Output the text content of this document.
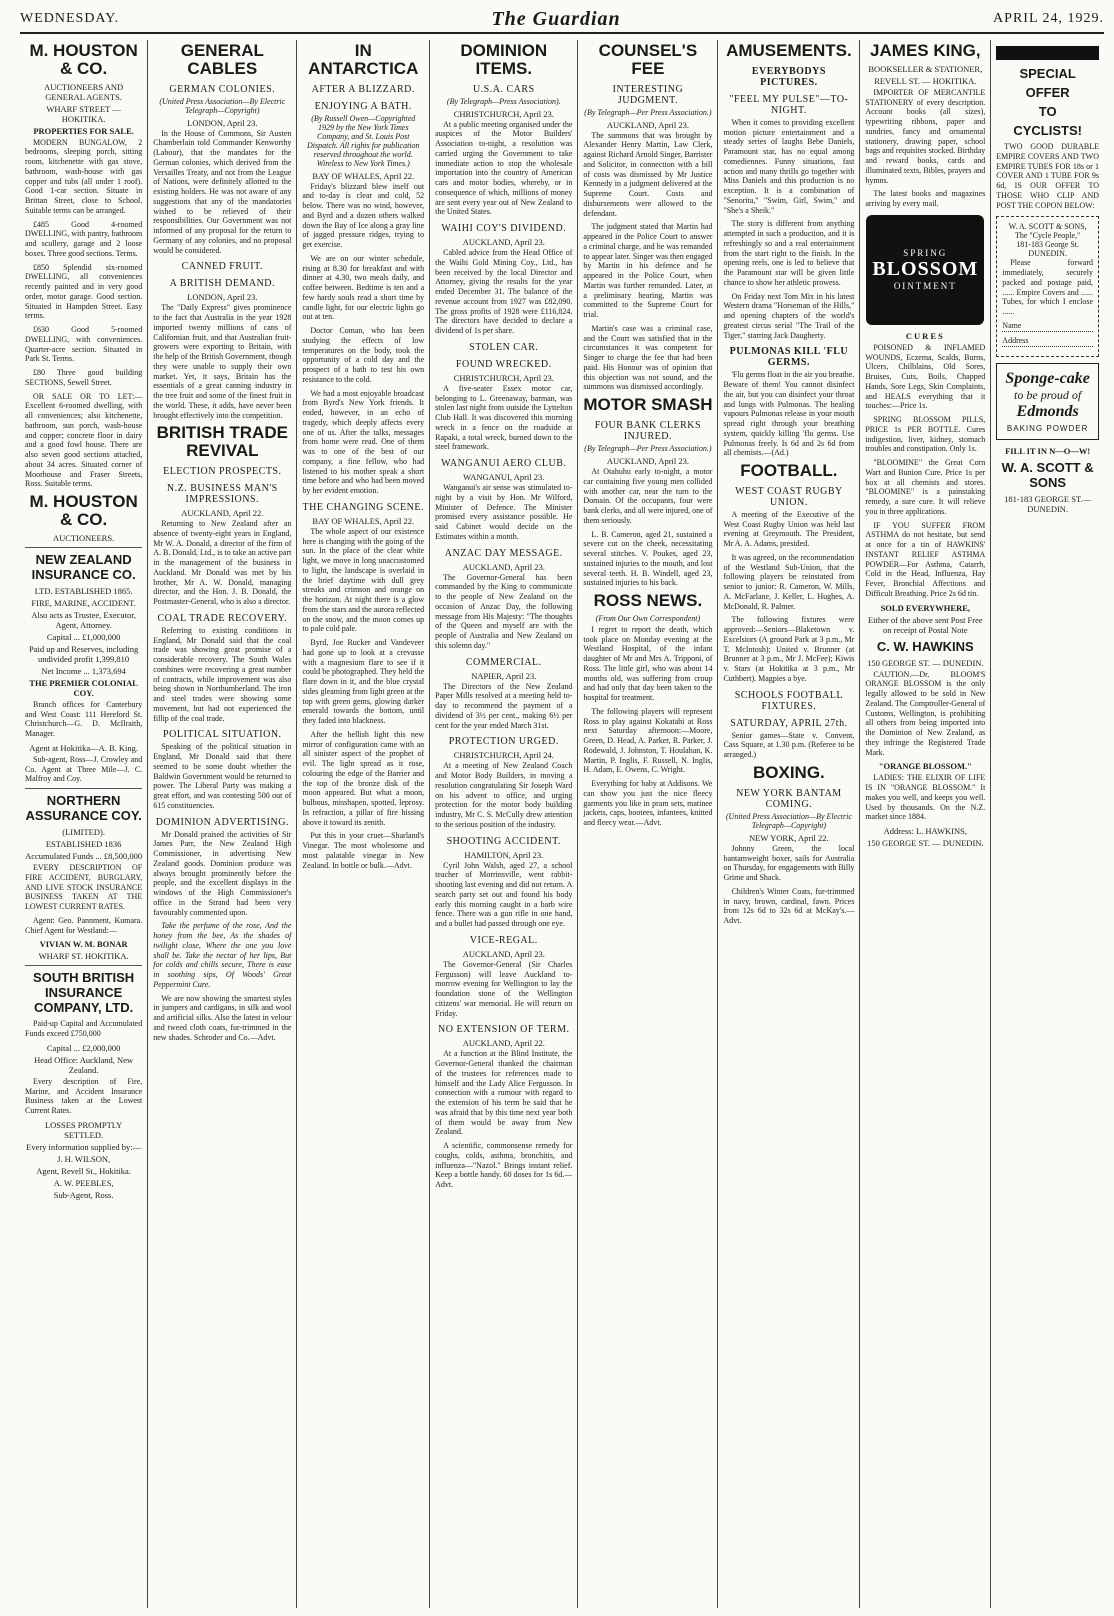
WEDNESDAY.	The Guardian	APRIL 24, 1929.
M. HOUSTON & CO.
AUCTIONEERS AND GENERAL AGENTS.
WHARF STREET — HOKITIKA.
PROPERTIES FOR SALE.

MODERN BUNGALOW, 2 bedrooms, sleeping porch, sitting room, kitchenette with gas stove, bathroom, wash-house with gas copper and tubs (all under 1 roof). Good 1-car section. Situate in Brittan Street, close to School. Suitable terms can be arranged.

£485 Good 4-roomed DWELLING, with pantry, bathroom and scullery, garage and 2 loose boxes. Three good sections. Terms.

£850 Splendid six-roomed DWELLING, all conveniences recently painted and in very good order, motor garage. Good section. Situated in Hampden Street. Easy terms.

£630 Good 5-roomed DWELLING, with conveniences. Quarter-acre section. Situated in Park St. Terms.

£80 Three good building SECTIONS, Sewell Street.

OR SALE OR TO LET:—Excellent 6-roomed dwelling, with all conveniences; also kitchenette, bathroom, sun porch, wash-house and copper; concrete floor in dairy and a good fowl house. There are also seven good sections attached, about 34 acres. Situated corner of Moorhouse and Fraser Streets, Ross. Suitable terms.

M. HOUSTON & CO.
AUCTIONEERS.
NEW ZEALAND INSURANCE CO.
LTD. ESTABLISHED 1865.
FIRE, MARINE, ACCIDENT.
Also acts as Trustee, Executor, Agent, Attorney.
Capital ... £1,000,000
Paid up and Reserves, including undivided profit 1,399,810
Net Income ... 1,373,694
THE PREMIER COLONIAL COY.

Branch offices for Canterbury and West Coast: 111 Hereford St. Christchurch—G. D. McIlraith, Manager.

Agent at Hokitika—A. B. King.

Sub-agent, Ross—J. Crowley and Co. Agent at Three Mile—J. C. Malfroy and Coy.

NORTHERN ASSURANCE COY.
(LIMITED).
ESTABLISHED 1836
Accumulated Funds ... £8,500,000

EVERY DESCRIPTION OF FIRE ACCIDENT, BURGLARY, AND LIVE STOCK INSURANCE BUSINESS TAKEN AT THE LOWEST CURRENT RATES.

Agent: Geo. Pannment, Kumara. Chief Agent for Westland:—

VIVIAN W. M. BONAR
WHARF ST. HOKITIKA.
SOUTH BRITISH INSURANCE COMPANY, LTD.

Paid-up Capital and Accumulated Funds exceed £750,000

Capital ... £2,000,000
Head Office: Auckland, New Zealand.

Every description of Fire, Marine, and Accident Insurance Business taken at the Lowest Current Rates.

LOSSES PROMPTLY SETTLED.
Every information supplied by:—
J. H. WILSON,
Agent, Revell St., Hokitika.
A. W. PEEBLES,
Sub-Agent, Ross.
GENERAL CABLES
GERMAN COLONIES.
(United Press Association—By Electric Telegraph—Copyright)
LONDON, April 23.

In the House of Commons, Sir Austen Chamberlain told Commander Kenworthy (Labour), that the mandates for the German colonies, which derived from the Versailles Treaty, and not from the League of Nations, were definitely allotted to the existing holders. He was not aware of any suggestions that any of the mandatories wished to be relieved of their responsibilities. Our Government was not informed of any proposal for the return to Germany of any colonies, and no proposal would be considered.

CANNED FRUIT.
A BRITISH DEMAND.
LONDON, April 23.

The "Daily Express" gives prominence to the fact that Australia in the year 1928 imported twenty millions of cans of Californian fruit, and that Australian fruit-growers were exporting to Britain, with the help of the British Government, though they were unable to supply their own market. Yet, it says, Britain has the essentials of a great canning industry in the tree fruit and some of the finest fruit in the world. These, it adds, have never been brought effectively into the competition.

BRITISH TRADE REVIVAL
ELECTION PROSPECTS.
N.Z. BUSINESS MAN'S IMPRESSIONS.
AUCKLAND, April 22.

Returning to New Zealand after an absence of twenty-eight years in England, Mr W. A. Donald, a director of the firm of A. B. Donald, Ltd., is to take an active part in the management of the business in Auckland. Mr Donald was met by his brother, Mr A. W. Donald, managing director, and the Hon. J. B. Donald, the Postmaster-General, who is also a director.

COAL TRADE RECOVERY.

Referring to existing conditions in England, Mr Donald said that the coal trade was showing great promise of a considerable recovery. The South Wales combines were recovering a great number of contracts, while improvement was also being shown in Northumberland. The iron and steel trades were showing some movement, but had not experienced the fillip of the coal trade.

POLITICAL SITUATION.

Speaking of the political situation in England, Mr Donald said that there seemed to be some doubt whether the Baldwin Government would be returned to power. The Liberal Party was making a great effort, and was contesting 500 out of 615 constituencies.

DOMINION ADVERTISING.

Mr Donald praised the activities of Sir James Parr, the New Zealand High Commissioner, in advertising New Zealand goods. Dominion produce was always brought prominently before the people, and the excellent displays in the windows of the High Commissioner's office in the Strand had been very favourably commented upon.

Take the perfume of the rose, And the honey from the bee, As the shades of twilight close, Where the one you love shall be. Take the nectar of her lips, But for colds and chills secure, There is ease in soothing sips, Of Woods' Great Peppermint Cure.

We are now showing the smartest styles in jumpers and cardigans, in silk and wool and artificial silks. Also the latest in velour and tweed cloth coats, fur-trimmed in the new shades. Schroder and Co.—Advt.

IN ANTARCTICA
AFTER A BLIZZARD.
ENJOYING A BATH.
(By Russell Owen—Copyrighted 1929 by the New York Times Company, and St. Louis Post Dispatch. All rights for publication reserved throughout the world. Wireless to New York Times.)
BAY OF WHALES, April 22.

Friday's blizzard blew itself out and to-day is clear and cold, 52 below. There was no wind, however, and Byrd and a dozen others walked down the Bay of Ice along a gray line of jagged pressure ridges, trying to get exercise.

We are on our winter schedule, rising at 8.30 for breakfast and with dinner at 4.30, two meals daily, and coffee between. Bedtime is ten and a few hardy souls read a short time by candle light, for our electric lights go out at ten.

Doctor Coman, who has been studying the effects of low temperatures on the body, took the opportunity of a cold day and the prospect of a bath to test his own resistance to the cold.

We had a most enjoyable broadcast from Byrd's New York friends. It ended, however, in an echo of tragedy, which deeply affects every one of us. After the talks, messages from home were read. One of them was to one of the best of our company, a fine fellow, who had listened to his mother speak a short time before and who had been moved by her evident emotion.

THE CHANGING SCENE.
BAY OF WHALES, April 22.

The whole aspect of our existence here is changing with the going of the sun. In the place of the clear white light, we move in long unaccustomed to light, the landscape is overlaid in the brief daytime with dull grey streaks and crimson and orange on the horizon. At night there is a glow from the stars and the aurora reflected on the snow, and the moon comes up to pale cold pale.

Byrd, Joe Rucker and Vandeveer had gone up to look at a crevasse with a magnesium flare to see if it could be photographed. They held the flare down in it, and the blue crystal sides gleaming from light green at the top with green gems, glowing darker emerald towards the bottom, until they faded into blackness.

After the hellish light this new mirror of configuration came with an all sinister aspect of the prophet of evil. The light spread as it rose, colouring the edge of the Barrier and the top of the bronze disk of the moon appeared. But what a moon, bulbous, misshapen, spotted, leprosy. In refraction, a pillar of fire hissing above it toward its zenith.

Put this in your cruet—Sharland's Vinegar. The most wholesome and most palatable vinegar in New Zealand. In bottle or bulk.—Advt.

DOMINION ITEMS.
U.S.A. CARS
(By Telegraph—Press Association).
CHRISTCHURCH, April 23.

At a public meeting organised under the auspices of the Motor Builders' Association to-night, a resolution was carried urging the Government to take immediate action to stop the wholesale importation into the country of American cars and motor bodies, whereby, or in consequence of which, millions of money are sent every year out of New Zealand to the United States.

WAIHI COY'S DIVIDEND.
AUCKLAND, April 23.

Cabled advice from the Head Office of the Waihi Gold Mining Coy., Ltd., has been received by the local Director and Attorney, giving the results for the year ended December 31. The balance of the revenue account from 1927 was £82,090. The gross profits of 1928 were £116,824. The directors have decided to declare a dividend of 1s per share.

STOLEN CAR.
FOUND WRECKED.
CHRISTCHURCH, April 23.

A five-seater Essex motor car, belonging to L. Greenaway, barman, was stolen last night from outside the Lyttelton Club Hall. It was discovered this morning wreck in a fence on the roadside at Rapaki, a total wreck, burned down to the steel framework.

WANGANUI AERO CLUB.
WANGANUI, April 23.

Wanganui's air sense was stimulated to-night by a visit by Hon. Mr Wilford, Minister of Defence. The Minister promised every assistance possible. He said Cabinet would decide on the Estimates within a month.

ANZAC DAY MESSAGE.
AUCKLAND, April 23.

The Governor-General has been commanded by the King to communicate to the people of New Zealand on the occasion of Anzac Day, the following message from His Majesty: "The thoughts of the Queen and myself are with the people of Australia and New Zealand on this solemn day."

COMMERCIAL.
NAPIER, April 23.

The Directors of the New Zealand Paper Mills resolved at a meeting held to-day to recommend the payment of a dividend of 3½ per cent., making 6½ per cent for the year ended March 31st.

PROTECTION URGED.
CHRISTCHURCH, April 24.

At a meeting of New Zealand Coach and Motor Body Builders, in moving a resolution congratulating Sir Joseph Ward on his advent to office, and urging protection for the motor body building industry, Mr C. S. McCully drew attention to the serious position of the industry.

SHOOTING ACCIDENT.
HAMILTON, April 23.

Cyril John Walsh, aged 27, a school teacher of Morrinsville, went rabbit-shooting last evening and did not return. A search party set out and found his body early this morning caught in a barb wire fence. There was a gun rifle in one hand, and a bullet had passed through one eye.

VICE-REGAL.
AUCKLAND, April 23.

The Governor-General (Sir Charles Fergusson) will leave Auckland to-morrow evening for Wellington to lay the foundation stone of the Wellington citizens' war memorial. He will return on Friday.

NO EXTENSION OF TERM.
AUCKLAND, April 22.

At a function at the Blind Institute, the Governor-General thanked the chairman of the trustees for references made to himself and the Lady Alice Fergusson. In connection with a rumour with regard to the extension of his term he said that he was afraid that by this time next year both of them would be away from New Zealand.

A scientific, commonsense remedy for coughs, colds, asthma, bronchitis, and influenza—"Nazol." Brings instant relief. Keep a bottle handy. 60 doses for 1s 6d.—Advt.

COUNSEL'S FEE
INTERESTING JUDGMENT.
(By Telegraph—Per Press Association.)
AUCKLAND, April 23.

The summons that was brought by Alexander Henry Martin, Law Clerk, against Richard Arnold Singer, Barrister and Solicitor, in connection with a bill of costs was dismissed by Mr Justice Kennedy in a judgment delivered at the Supreme Court. Costs and disbursements were allowed to the defendant.

The judgment stated that Martin had appeared in the Police Court to answer a criminal charge, and he was remanded to appear later. Singer was then engaged by Martin in his defence and he appeared in the Police Court, when Martin was further remanded. Later, at a preliminary hearing, Martin was committed to the Supreme Court for trial.

Martin's case was a criminal case, and the Court was satisfied that in the circumstances it was competent for Singer to charge the fee that had been paid. His Honour was of opinion that this objection was not sound, and the summons was dismissed accordingly.

MOTOR SMASH
FOUR BANK CLERKS INJURED.
(By Telegraph—Per Press Association.)
AUCKLAND, April 23.

At Otahuhu early to-night, a motor car containing five young men collided with another car, near the turn to the Domain. Of the occupants, four were bank clerks, and all were injured, one of them seriously.

L. B. Cameron, aged 21, sustained a severe cut on the cheek, necessitating several stitches. V. Poukes, aged 23, sustained injuries to the mouth, and lost several teeth. H. B. Windell, aged 23, sustained injuries to his back.

ROSS NEWS.
(From Our Own Correspondent)

I regret to report the death, which took place on Monday evening at the Westland Hospital, of the infant daughter of Mr and Mrs A. Tripponi, of Ross. The little girl, who was about 14 months old, was suffering from croup and had only that day been taken to the hospital for treatment.

The following players will represent Ross to play against Kokatahi at Ross next Saturday afternoon:—Moore, Green, D. Head, A. Parker, R. Parker, J. Rodewald, J. Johnston, T. Houlahan, K. Martin, P. Inglis, F. Russell, N. Inglis, H. Adam, E. Owens, C. Wright.

Everything for baby at Addisons. We can show you just the nice fleecy garments you like in pram sets, matinee jackets, caps, bootees, infantees, knitted and fleecy wear.—Advt.

AMUSEMENTS.
EVERYBODYS PICTURES.
"FEEL MY PULSE"—TO-NIGHT.

When it comes to providing excellent motion picture entertainment and a steady series of laughs Bebe Daniels, Paramount star, has no equal among comediennes. Funny situations, fast action and many thrills go together with Miss Daniels and this production is no exception. It is a combination of "Senorita," "Swim, Girl, Swim," and "She's a Sheik."

The story is different from anything attempted in such a production, and it is refreshingly so and a real entertainment from the start right to the finish. In the opening reels, one is led to believe that the Paramount star will be given little chance to show her athletic prowess.

On Friday next Tom Mix in his latest Western drama "Horseman of the Hills," and opening chapters of the world's greatest circus serial "The Trail of the Tiger," starring Jack Daugherty.

PULMONAS KILL 'FLU GERMS.

'Flu germs float in the air you breathe. Beware of them! You cannot disinfect the air, but you can disinfect your throat and lungs with Pulmonas. The healing vapours Pulmonas release in your mouth spread right through your breathing system, quickly killing 'flu germs. Use Pulmonas freely. Is 6d and 2s 6d from all chemists.—(Ad.)

FOOTBALL.
WEST COAST RUGBY UNION.

A meeting of the Executive of the West Coast Rugby Union was held last evening at Greymouth. The President, Mr A. A. Adams, presided.

It was agreed, on the recommendation of the Westland Sub-Union, that the following players be reinstated from senior to junior: R. Cameron, W. Mills, A. McFarlane, J. Keller, L. Hughes, A. McDonald, R. Palmer.

The following fixtures were approved:—Seniors—Blaketown v. Excelsiors (A ground Park at 3 p.m., Mr T. McIntosh); United v. Brunner (at Brunner at 3 p.m., Mr J. McFee); Kiwis v. Stars (at Hokitika at 3 p.m., Mr Cuthbert). Magpies a bye.

SCHOOLS FOOTBALL FIXTURES.
SATURDAY, APRIL 27th.

Senior games—State v. Convent, Cass Square, at 1.30 p.m. (Referee to be arranged.)

BOXING.
NEW YORK BANTAM COMING.
(United Press Association—By Electric Telegraph—Copyright)
NEW YORK, April 22.

Johnny Green, the local bantamweight boxer, sails for Australia on Thursday, for engagements with Billy Grime and Shack.

Children's Winter Coats, fur-trimmed in navy, brown, cardinal, fawn. Prices from 12s 6d to 32s 6d at McKay's.—Advt.

JAMES KING,
BOOKSELLER & STATIONER,
REVELL ST. — HOKITIKA.

IMPORTER OF MERCANTILE STATIONERY of every description. Account books (all sizes), typewriting ribbons, paper and sundries, fancy and ornamental stationery, drawing paper, school bags and requisites stocked. Birthday and reward books, cards and illuminated texts, Bibles, prayers and hymns.

The latest books and magazines arriving by every mail.

SPRING
BLOSSOM
OINTMENT
CURES

POISONED & INFLAMED WOUNDS, Eczema, Scalds, Burns, Ulcers, Chilblains, Old Sores, Bruises, Cuts, Boils, Chapped Hands, Sore Legs, Skin Complaints, and HEALS everything that it touches:—Price 1s.

SPRING BLOSSOM PILLS, PRICE 1s PER BOTTLE. Cures indigestion, liver, kidney, stomach troubles and constipation. Only 1s.

"BLOOMINE" the Great Corn Wart and Bunion Cure. Price 1s per box at all chemists and stores. "BLOOMINE" is a painstaking remedy, a sure cure. It will relieve you in three applications.

IF YOU SUFFER FROM ASTHMA do not hesitate, but send at once for a tin of HAWKINS' INSTANT RELIEF ASTHMA POWDER—For Asthma, Catarrh, Cold in the Head, Influenza, Hay Fever, Bronchial Affections and Difficult Breathing. Price 2s 6d tin.

SOLD EVERYWHERE,
Either of the above sent Post Free on receipt of Postal Note
C. W. HAWKINS
150 GEORGE ST. — DUNEDIN.

CAUTION.—Dr. BLOOM'S ORANGE BLOSSOM is the only legally allowed to be sold in New Zealand. The Comptroller-General of Customs, Wellington, is prohibiting all others from being imported into the Dominion of New Zealand, as they infringe the Registered Trade Mark.

"ORANGE BLOSSOM."

LADIES: THE ELIXIR OF LIFE IS IN "ORANGE BLOSSOM." It makes you well, and keeps you well. Used by thousands. On the N.Z. market since 1884.

Address: L. HAWKINS,
150 GEORGE ST. — DUNEDIN.
SPECIAL
OFFER
TO
CYCLISTS!

TWO GOOD DURABLE EMPIRE COVERS AND TWO EMPIRE TUBES FOR 18s or 1 COVER AND 1 TUBE FOR 9s 6d, IS OUR OFFER TO THOSE WHO CLIP AND POST THE COPON BELOW:

W. A. SCOTT & SONS,
The "Cycle People,"
181-183 George St.
DUNEDIN.

Please forward immediately, securely packed and postage paid, ...... Empire Covers and ...... Tubes, for which I enclose ......

Name
Address
Sponge-cake
to be proud of
Edmonds
BAKING POWDER
FILL IT IN N—O—W!
W. A. SCOTT & SONS
181-183 GEORGE ST.—DUNEDIN.
